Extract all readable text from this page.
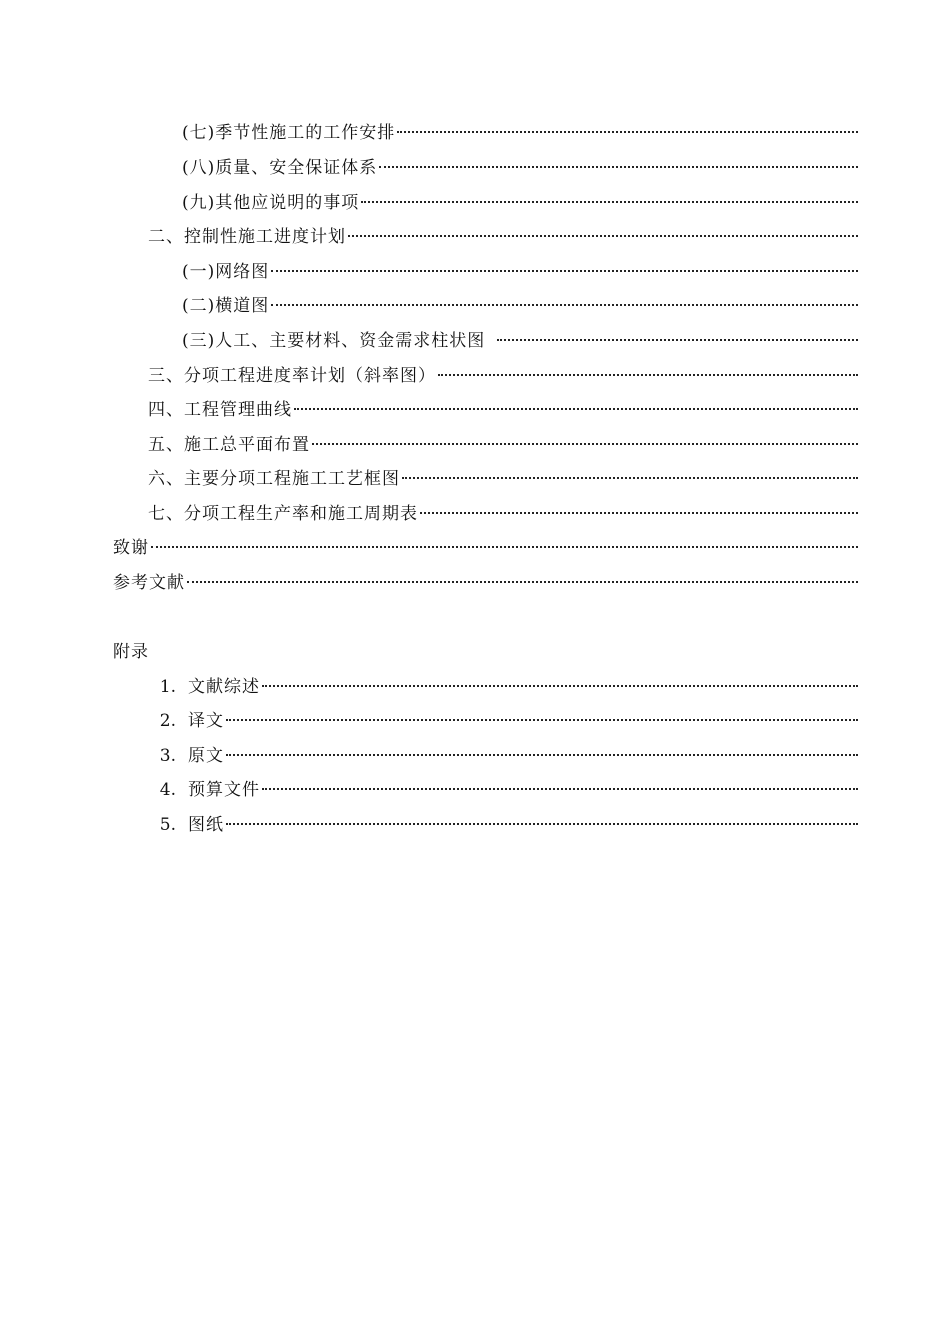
(七)季节性施工的工作安排
(八)质量、安全保证体系
(九)其他应说明的事项
二、控制性施工进度计划
(一)网络图
(二)横道图
(三)人工、主要材料、资金需求柱状图
三、分项工程进度率计划（斜率图）
四、工程管理曲线
五、施工总平面布置
六、主要分项工程施工工艺框图
七、分项工程生产率和施工周期表
致谢
参考文献
附录
1. 文献综述
2. 译文
3. 原文
4. 预算文件
5. 图纸
